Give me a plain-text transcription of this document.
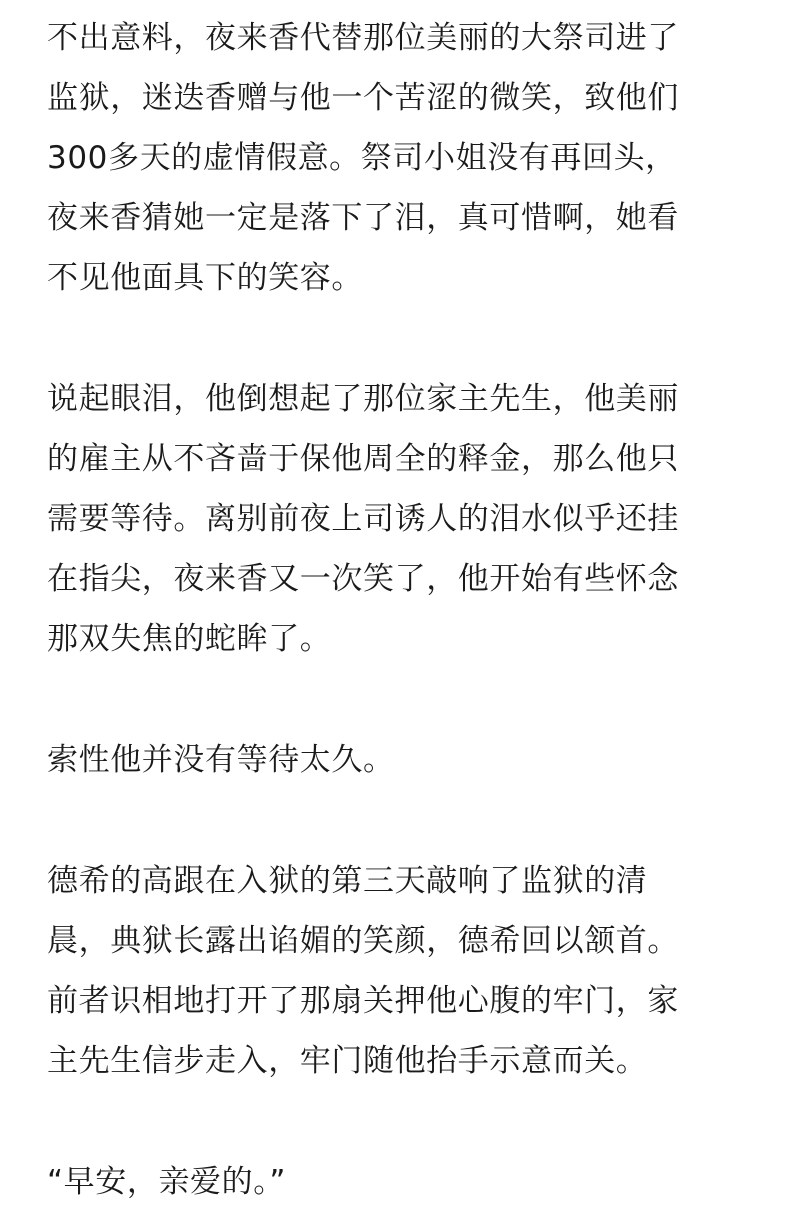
不出意料，夜来香代替那位美丽的大祭司进了
监狱，迷迭香赠与他一个苦涩的微笑，致他们
300多天的虚情假意。祭司小姐没有再回头，
夜来香猜她一定是落下了泪，真可惜啊，她看
不见他面具下的笑容。

说起眼泪，他倒想起了那位家主先生，他美丽
的雇主从不吝啬于保他周全的释金，那么他只
需要等待。离别前夜上司诱人的泪水似乎还挂
在指尖，夜来香又一次笑了，他开始有些怀念
那双失焦的蛇眸了。

索性他并没有等待太久。

德希的高跟在入狱的第三天敲响了监狱的清
晨，典狱长露出谄媚的笑颜，德希回以颔首。
前者识相地打开了那扇关押他心腹的牢门，家
主先生信步走入，牢门随他抬手示意而关。

“早安，亲爱的。”
